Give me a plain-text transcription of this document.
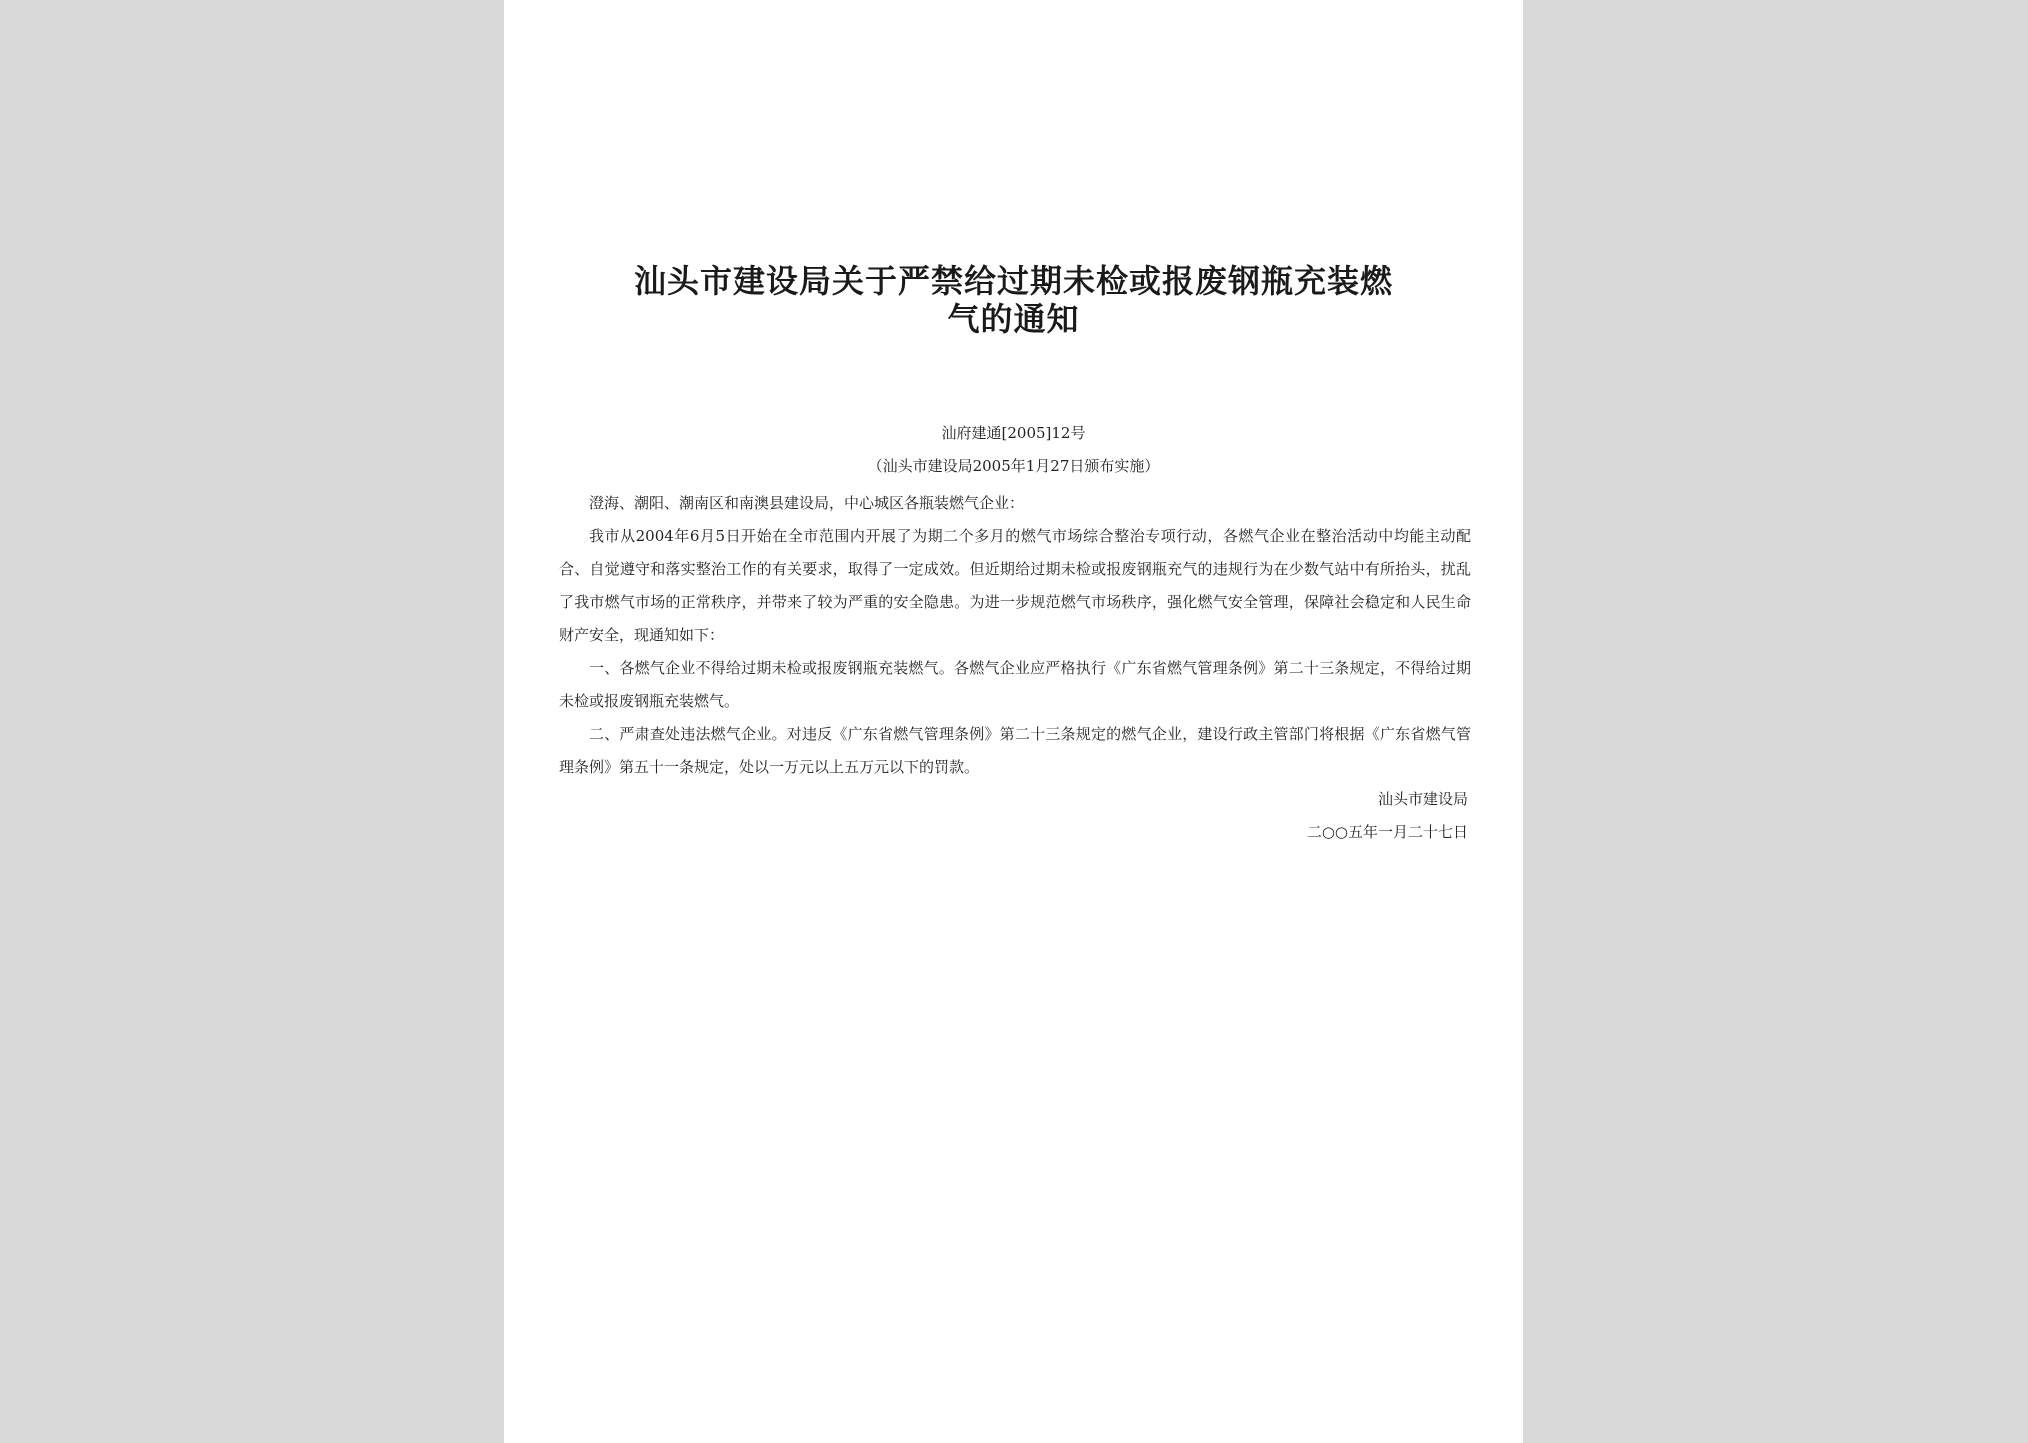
汕头市建设局关于严禁给过期未检或报废钢瓶充装燃
气的通知
汕府建通[2005]12号
（汕头市建设局2005年1月27日颁布实施）

澄海、潮阳、潮南区和南澳县建设局，中心城区各瓶装燃气企业：

我市从2004年6月5日开始在全市范围内开展了为期二个多月的燃气市场综合整治专项行动，各燃气企业在整治活动中均能主动配合、自觉遵守和落实整治工作的有关要求，取得了一定成效。但近期给过期未检或报废钢瓶充气的违规行为在少数气站中有所抬头，扰乱了我市燃气市场的正常秩序，并带来了较为严重的安全隐患。为进一步规范燃气市场秩序，强化燃气安全管理，保障社会稳定和人民生命财产安全，现通知如下：

一、各燃气企业不得给过期未检或报废钢瓶充装燃气。各燃气企业应严格执行《广东省燃气管理条例》第二十三条规定，不得给过期未检或报废钢瓶充装燃气。

二、严肃查处违法燃气企业。对违反《广东省燃气管理条例》第二十三条规定的燃气企业，建设行政主管部门将根据《广东省燃气管理条例》第五十一条规定，处以一万元以上五万元以下的罚款。

汕头市建设局
二○○五年一月二十七日
